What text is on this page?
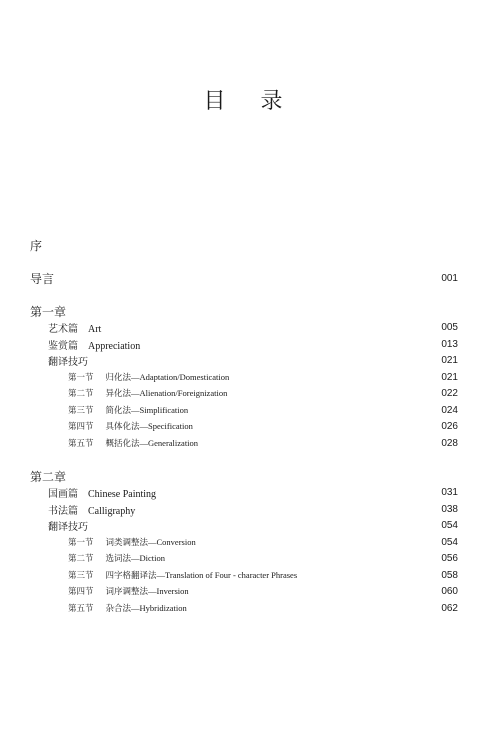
目 录
序
导言	001
第一章
艺术篇 Art	005
鉴赏篇 Appreciation	013
翻译技巧	021
第一节 归化法—Adaptation/Domestication	021
第二节 异化法—Alienation/Foreignization	022
第三节 简化法—Simplification	024
第四节 具体化法—Specification	026
第五节 概括化法—Generalization	028
第二章
国画篇 Chinese Painting	031
书法篇 Calligraphy	038
翻译技巧	054
第一节 词类调整法—Conversion	054
第二节 选词法—Diction	056
第三节 四字格翻译法—Translation of Four - character Phrases	058
第四节 词序调整法—Inversion	060
第五节 杂合法—Hybridization	062
